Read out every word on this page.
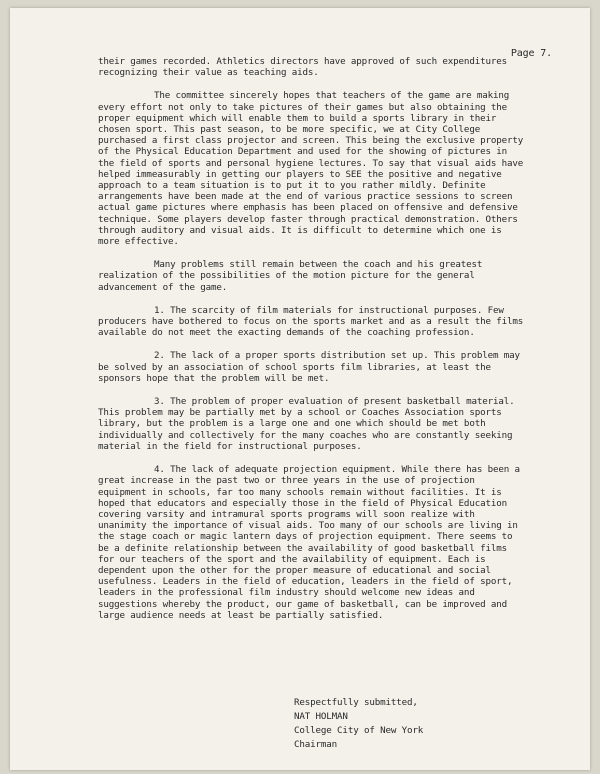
Page 7.

their games recorded. Athletics directors have approved of such expenditures recognizing their value as teaching aids.

The committee sincerely hopes that teachers of the game are making every effort not only to take pictures of their games but also obtaining the proper equipment which will enable them to build a sports library in their chosen sport. This past season, to be more specific, we at City College purchased a first class projector and screen. This being the exclusive property of the Physical Education Department and used for the showing of pictures in the field of sports and personal hygiene lectures. To say that visual aids have helped immeasurably in getting our players to SEE the positive and negative approach to a team situation is to put it to you rather mildly. Definite arrangements have been made at the end of various practice sessions to screen actual game pictures where emphasis has been placed on offensive and defensive technique. Some players develop faster through practical demonstration. Others through auditory and visual aids. It is difficult to determine which one is more effective.

Many problems still remain between the coach and his greatest realization of the possibilities of the motion picture for the general advancement of the game.

1. The scarcity of film materials for instructional purposes. Few producers have bothered to focus on the sports market and as a result the films available do not meet the exacting demands of the coaching profession.

2. The lack of a proper sports distribution set up. This problem may be solved by an association of school sports film libraries, at least the sponsors hope that the problem will be met.

3. The problem of proper evaluation of present basketball material. This problem may be partially met by a school or Coaches Association sports library, but the problem is a large one and one which should be met both individually and collectively for the many coaches who are constantly seeking material in the field for instructional purposes.

4. The lack of adequate projection equipment. While there has been a great increase in the past two or three years in the use of projection equipment in schools, far too many schools remain without facilities. It is hoped that educators and especially those in the field of Physical Education covering varsity and intramural sports programs will soon realize with unanimity the importance of visual aids. Too many of our schools are living in the stage coach or magic lantern days of projection equipment. There seems to be a definite relationship between the availability of good basketball films for our teachers of the sport and the availability of equipment. Each is dependent upon the other for the proper measure of educational and social usefulness. Leaders in the field of education, leaders in the field of sport, leaders in the professional film industry should welcome new ideas and suggestions whereby the product, our game of basketball, can be improved and large audience needs at least be partially satisfied.

Respectfully submitted,
NAT HOLMAN
College City of New York
Chairman
